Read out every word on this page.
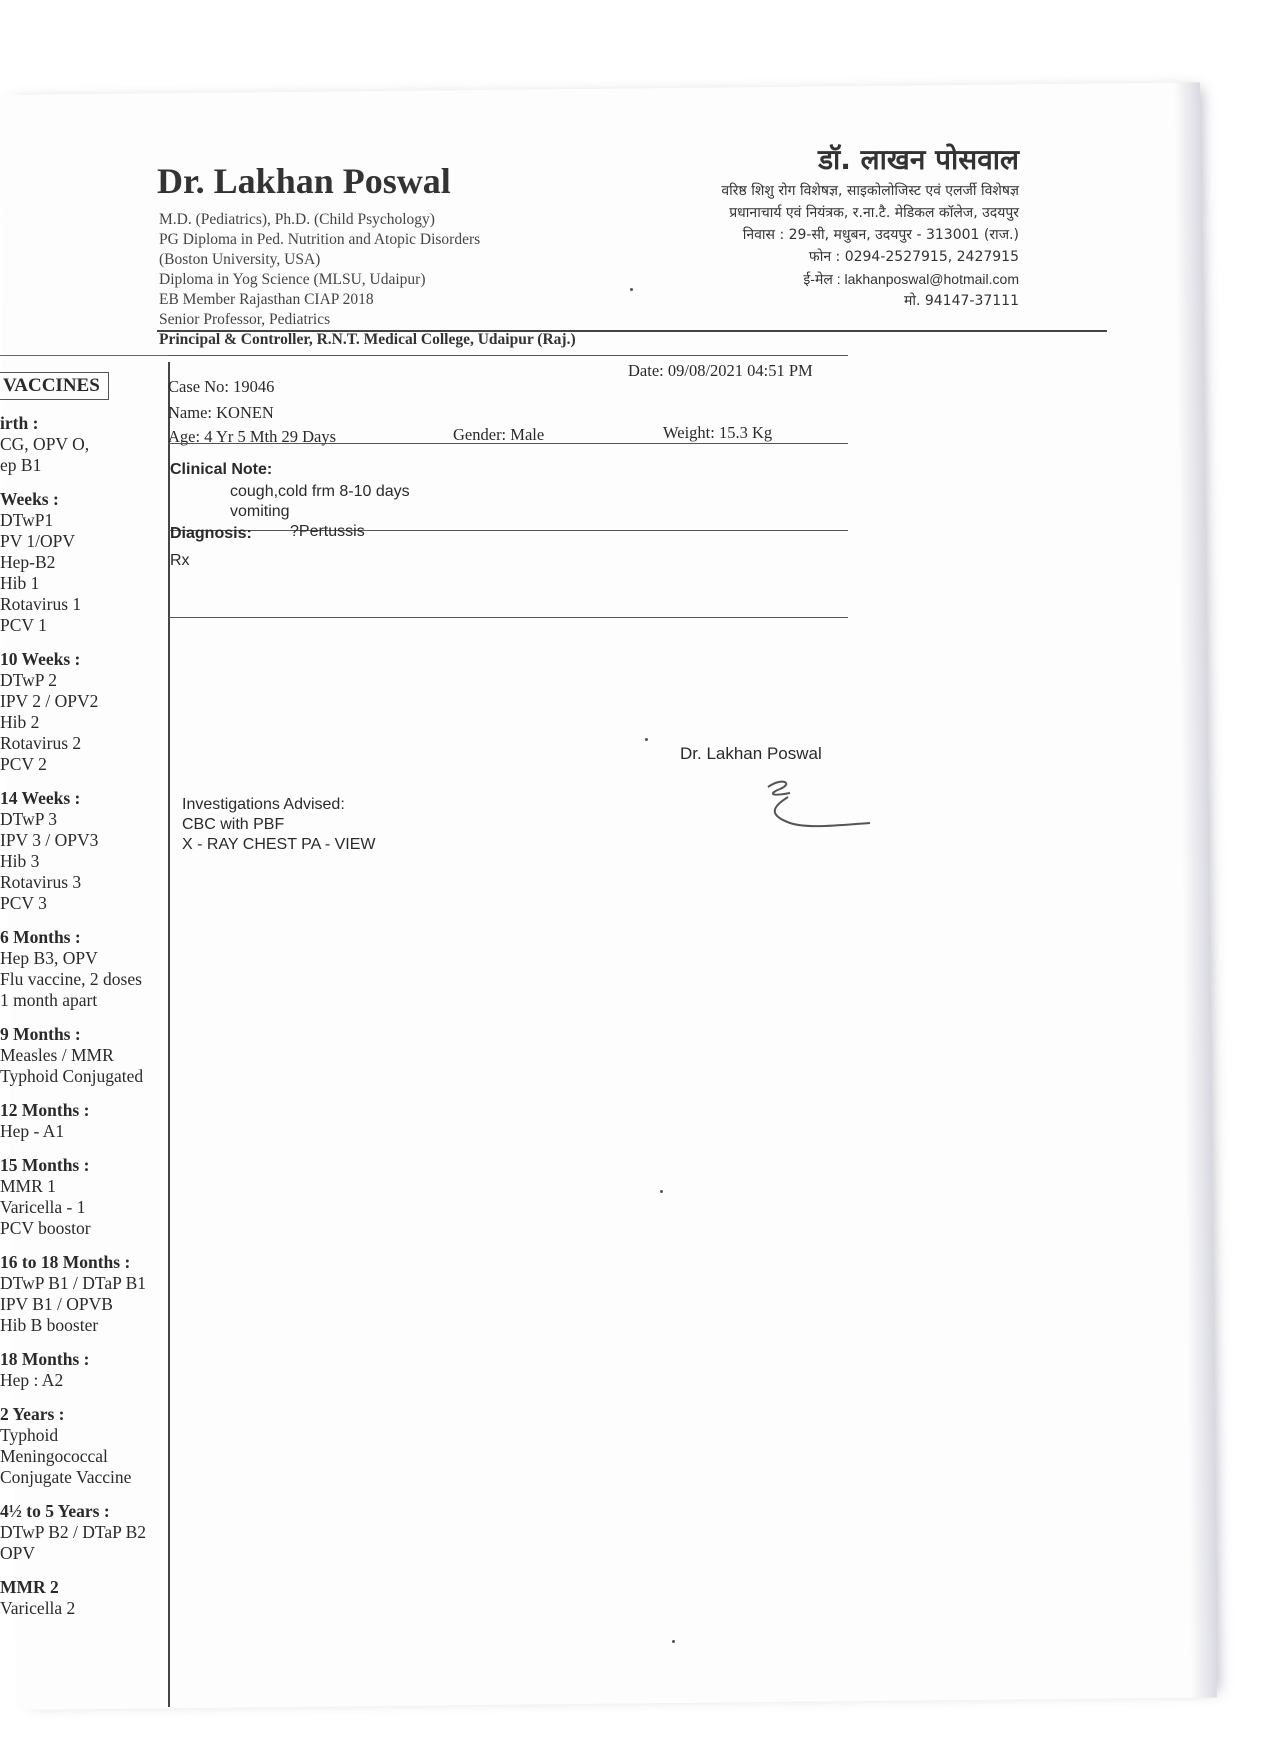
Dr. Lakhan Poswal
M.D. (Pediatrics), Ph.D. (Child Psychology)
PG Diploma in Ped. Nutrition and Atopic Disorders
(Boston University, USA)
Diploma in Yog Science (MLSU, Udaipur)
EB Member Rajasthan CIAP 2018
Senior Professor, Pediatrics
Principal & Controller, R.N.T. Medical College, Udaipur (Raj.)
डॉ. लाखन पोसवाल
वरिष्ठ शिशु रोग विशेषज्ञ, साइकोलोजिस्ट एवं एलर्जी विशेषज्ञ
प्रधानाचार्य एवं नियंत्रक, र.ना.टै. मेडिकल कॉलेज, उदयपुर
निवास : 29-सी, मधुबन, उदयपुर - 313001 (राज.)
फोन : 0294-2527915, 2427915
ई-मेल : lakhanposwal@hotmail.com
मो. 94147-37111
VACCINES
irth :
CG, OPV O,
ep B1
Weeks :
DTwP1
PV 1/OPV
Hep-B2
Hib 1
Rotavirus 1
PCV 1
10 Weeks :
DTwP 2
IPV 2 / OPV2
Hib 2
Rotavirus 2
PCV 2
14 Weeks :
DTwP 3
IPV 3 / OPV3
Hib 3
Rotavirus 3
PCV 3
6 Months :
Hep B3, OPV
Flu vaccine, 2 doses
1 month apart
9 Months :
Measles / MMR
Typhoid Conjugated
12 Months :
Hep - A1
15 Months :
MMR 1
Varicella - 1
PCV boostor
16 to 18 Months :
DTwP B1 / DTaP B1
IPV B1 / OPVB
Hib B booster
18 Months :
Hep : A2
2 Years :
Typhoid
Meningococcal
Conjugate Vaccine
4½ to 5 Years :
DTwP B2 / DTaP B2
OPV
MMR 2
Varicella 2
Date: 09/08/2021 04:51 PM
Case No: 19046
Name: KONEN
Age: 4 Yr 5 Mth 29 Days	Gender: Male	Weight: 15.3 Kg
Clinical Note:
cough,cold frm 8-10 days
vomiting
Diagnosis: ?Pertussis
Rx
Dr. Lakhan Poswal
Investigations Advised:
CBC with PBF
X - RAY CHEST PA - VIEW
